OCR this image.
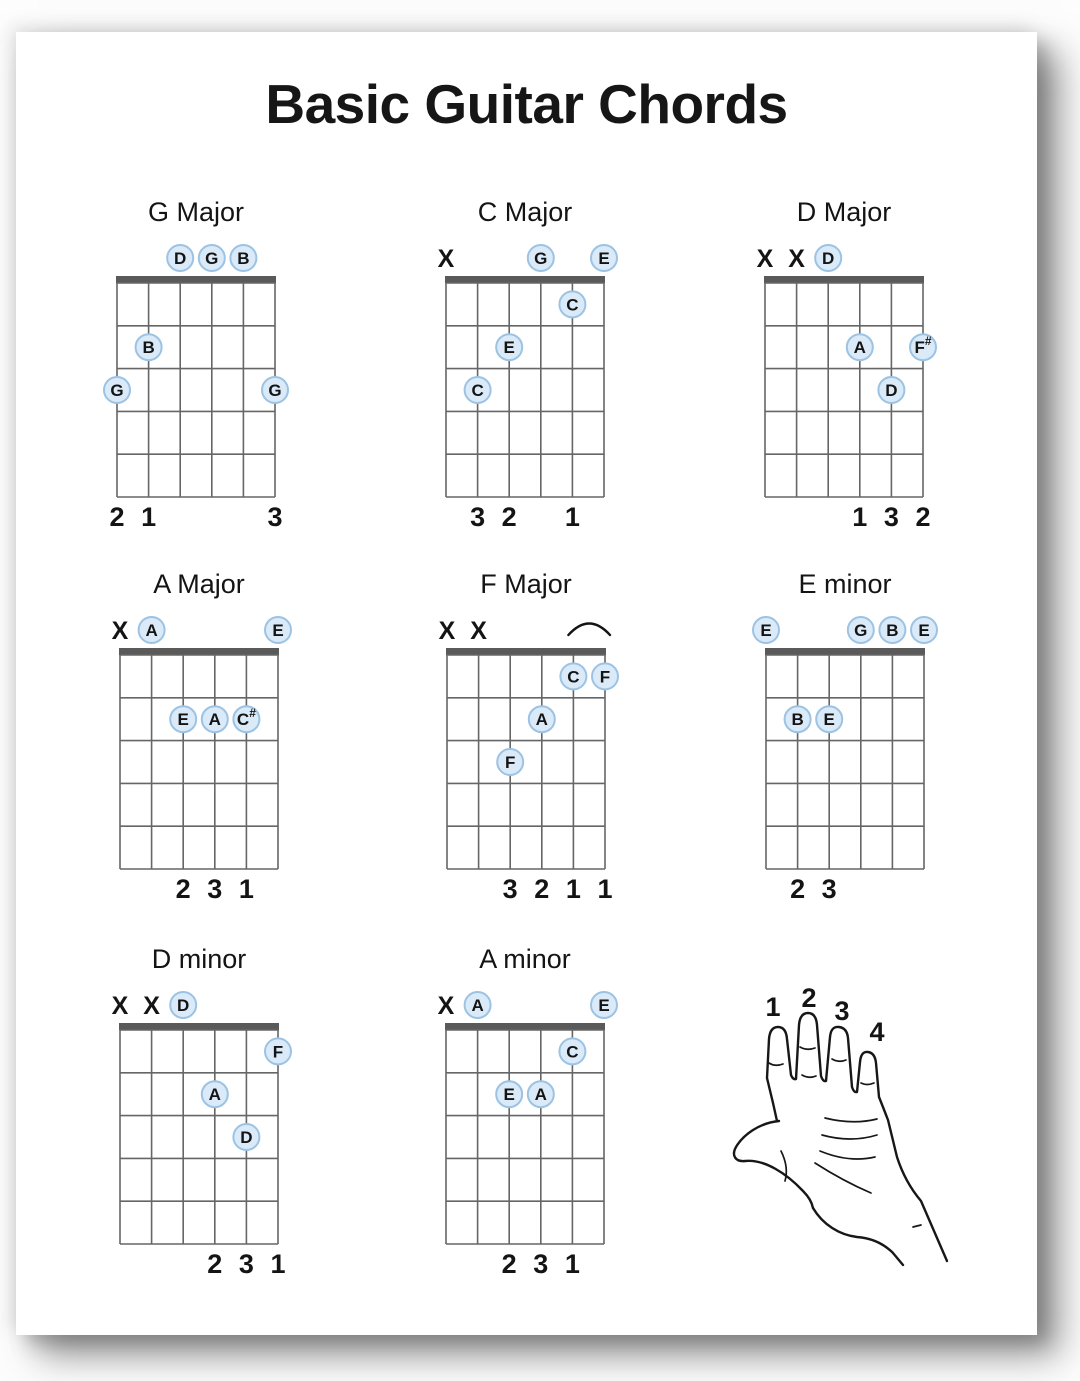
Basic Guitar Chords
1 2 3
4
G Major
D G B
B
G	G
2 1	3
C Major
X	G	E
C
E
C
3 2 1
D Major
X X D
A	F#
D
1 3 2
A Major
X A	E
E A C#
2 3 1
F Major
X X
C F
A
F
3 2 1 1
E minor
E	G B E
B E
2 3
D minor
X X D
F
A
D
2 3 1
A minor
X A	E
C
E A
2 3 1
